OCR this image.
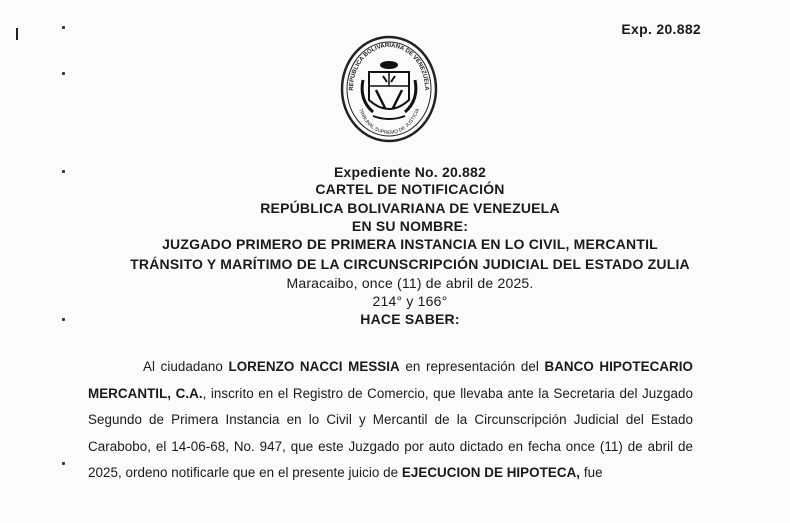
Exp. 20.882
REPÚBLICA BOLIVARIANA DE VENEZUELA
TRIBUNAL SUPREMO DE JUSTICIA
Expediente No. 20.882
CARTEL DE NOTIFICACIÓN
REPÚBLICA BOLIVARIANA DE VENEZUELA
EN SU NOMBRE:
JUZGADO PRIMERO DE PRIMERA INSTANCIA EN LO CIVIL, MERCANTIL
TRÁNSITO Y MARÍTIMO DE LA CIRCUNSCRIPCIÓN JUDICIAL DEL ESTADO ZULIA
Maracaibo, once (11) de abril de 2025.
214° y 166°
HACE SABER:

Al ciudadano LORENZO NACCI MESSIA en representación del BANCO HIPOTECARIO MERCANTIL, C.A., inscrito en el Registro de Comercio, que llevaba ante la Secretaria del Juzgado Segundo de Primera Instancia en lo Civil y Mercantil de la Circunscripción Judicial del Estado Carabobo, el 14-06-68, No. 947, que este Juzgado por auto dictado en fecha once (11) de abril de 2025, ordeno notificarle que en el presente juicio de EJECUCION DE HIPOTECA, fue
